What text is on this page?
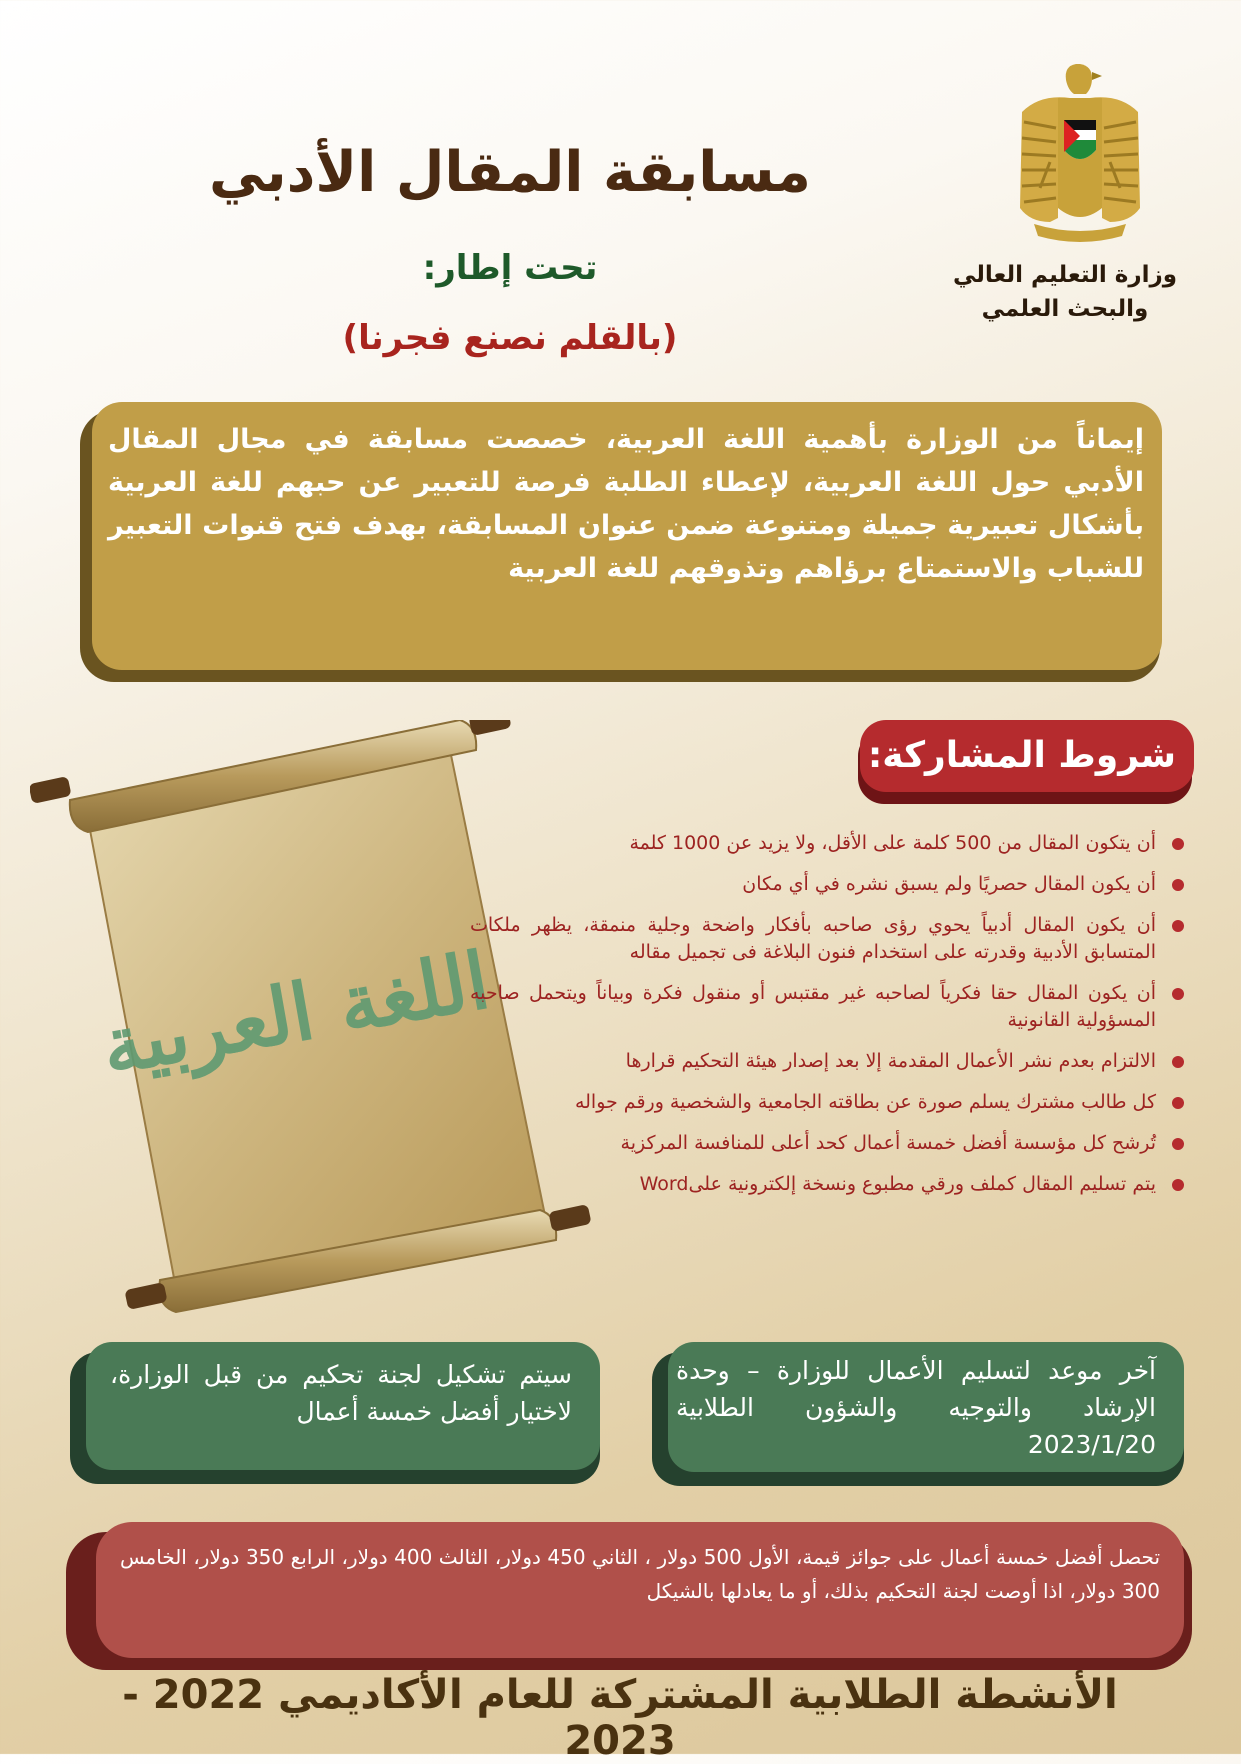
مسابقة المقال الأدبي
تحت إطار:
(بالقلم نصنع فجرنا)
وزارة التعليم العالي
والبحث العلمي
إيماناً من الوزارة بأهمية اللغة العربية، خصصت مسابقة في مجال المقال الأدبي حول اللغة العربية، لإعطاء الطلبة فرصة للتعبير عن حبهم للغة العربية بأشكال تعبيرية جميلة ومتنوعة ضمن عنوان المسابقة، بهدف فتح قنوات التعبير للشباب والاستمتاع برؤاهم وتذوقهم للغة العربية
اللغة العربية
شروط المشاركة:
أن يتكون المقال من 500 كلمة على الأقل، ولا يزيد عن 1000 كلمة
أن يكون المقال حصريًا ولم يسبق نشره في أي مكان
أن يكون المقال أدبياً يحوي رؤى صاحبه بأفكار واضحة وجلية منمقة، يظهر ملكات المتسابق الأدبية وقدرته على استخدام فنون البلاغة فى تجميل مقاله
أن يكون المقال حقا فكرياً لصاحبه غير مقتبس أو منقول فكرة وبياناً ويتحمل صاحبه المسؤولية القانونية
الالتزام بعدم نشر الأعمال المقدمة إلا بعد إصدار هيئة التحكيم قرارها
كل طالب مشترك يسلم صورة عن بطاقته الجامعية والشخصية ورقم جواله
تُرشح كل مؤسسة أفضل خمسة أعمال كحد أعلى للمنافسة المركزية
يتم تسليم المقال كملف ورقي مطبوع ونسخة إلكترونية علىWord
آخر موعد لتسليم الأعمال للوزارة – وحدة الإرشاد والتوجيه والشؤون الطلابية 2023/1/20
سيتم تشكيل لجنة تحكيم من قبل الوزارة، لاختيار أفضل خمسة أعمال
تحصل أفضل خمسة أعمال على جوائز قيمة، الأول 500 دولار ، الثاني 450 دولار، الثالث 400 دولار، الرابع 350 دولار، الخامس 300 دولار، اذا أوصت لجنة التحكيم بذلك، أو ما يعادلها بالشيكل
الأنشطة الطلابية المشتركة للعام الأكاديمي 2022 - 2023
